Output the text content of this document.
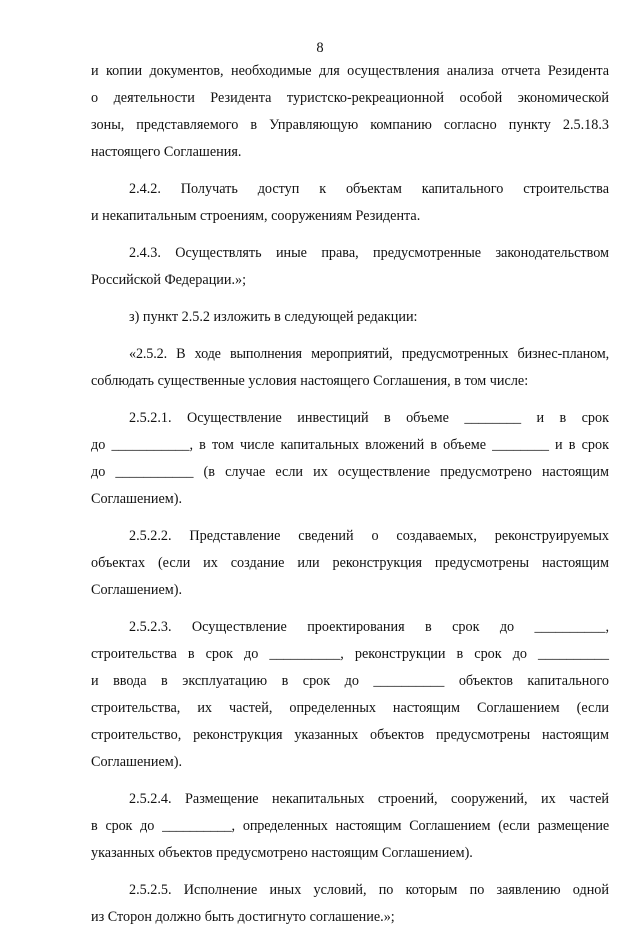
8
и копии документов, необходимые для осуществления анализа отчета Резидента
о деятельности Резидента туристско-рекреационной особой экономической
зоны, представляемого в Управляющую компанию согласно пункту 2.5.18.3
настоящего Соглашения.
2.4.2. Получать доступ к объектам капитального строительства
и некапитальным строениям, сооружениям Резидента.
2.4.3. Осуществлять иные права, предусмотренные законодательством
Российской Федерации.»;
з) пункт 2.5.2 изложить в следующей редакции:
«2.5.2. В ходе выполнения мероприятий, предусмотренных бизнес-планом,
соблюдать существенные условия настоящего Соглашения, в том числе:
2.5.2.1. Осуществление инвестиций в объеме ________ и в срок
до ___________, в том числе капитальных вложений в объеме ________ и в срок
до ___________ (в случае если их осуществление предусмотрено настоящим
Соглашением).
2.5.2.2. Представление сведений о создаваемых, реконструируемых
объектах (если их создание или реконструкция предусмотрены настоящим
Соглашением).
2.5.2.3. Осуществление проектирования в срок до __________,
строительства в срок до __________, реконструкции в срок до __________
и ввода в эксплуатацию в срок до __________ объектов капитального
строительства, их частей, определенных настоящим Соглашением (если
строительство, реконструкция указанных объектов предусмотрены настоящим
Соглашением).
2.5.2.4. Размещение некапитальных строений, сооружений, их частей
в срок до __________, определенных настоящим Соглашением (если размещение
указанных объектов предусмотрено настоящим Соглашением).
2.5.2.5. Исполнение иных условий, по которым по заявлению одной
из Сторон должно быть достигнуто соглашение.»;
